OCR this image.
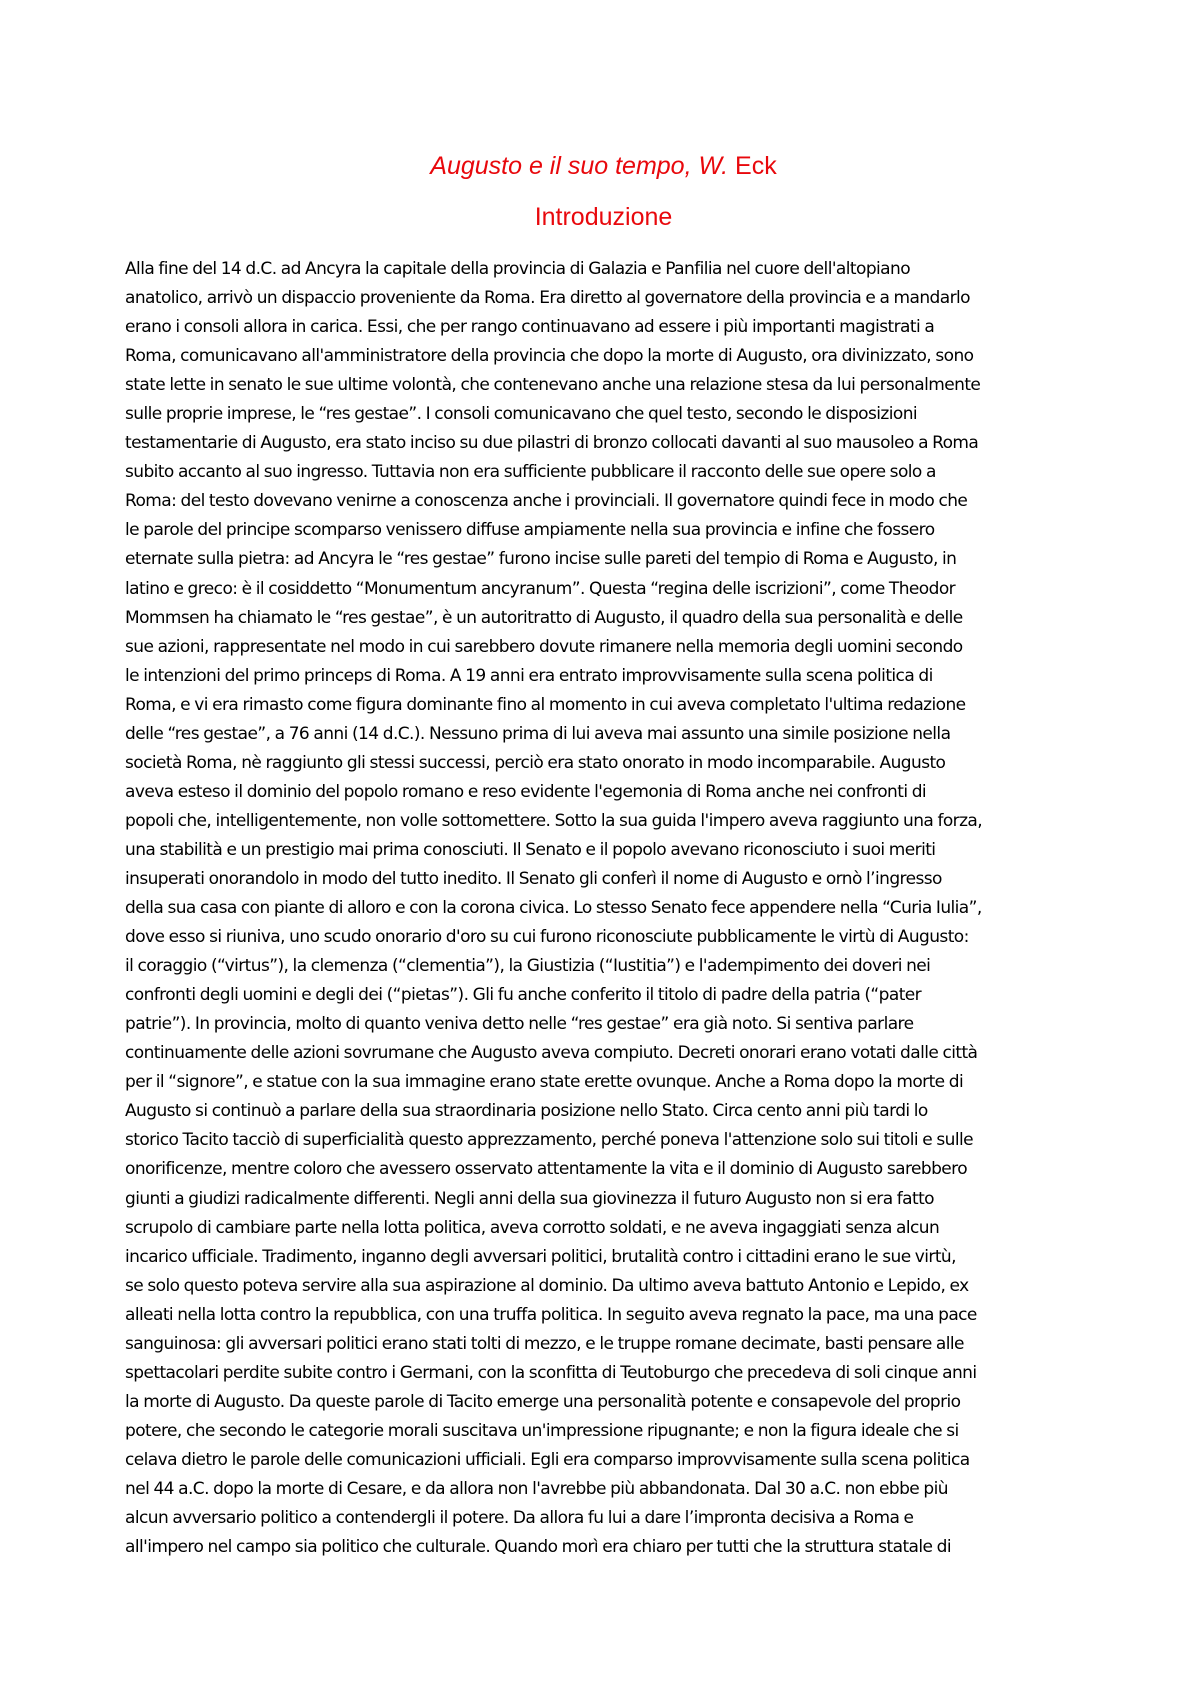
Augusto e il suo tempo, W. Eck
Introduzione
Alla fine del 14 d.C. ad Ancyra la capitale della provincia di Galazia e Panfilia nel cuore dell'altopiano
anatolico, arrivò un dispaccio proveniente da Roma. Era diretto al governatore della provincia e a mandarlo
erano i consoli allora in carica. Essi, che per rango continuavano ad essere i più importanti magistrati a
Roma, comunicavano all'amministratore della provincia che dopo la morte di Augusto, ora divinizzato, sono
state lette in senato le sue ultime volontà, che contenevano anche una relazione stesa da lui personalmente
sulle proprie imprese, le “res gestae”. I consoli comunicavano che quel testo, secondo le disposizioni
testamentarie di Augusto, era stato inciso su due pilastri di bronzo collocati davanti al suo mausoleo a Roma
subito accanto al suo ingresso. Tuttavia non era sufficiente pubblicare il racconto delle sue opere solo a
Roma: del testo dovevano venirne a conoscenza anche i provinciali. Il governatore quindi fece in modo che
le parole del principe scomparso venissero diffuse ampiamente nella sua provincia e infine che fossero
eternate sulla pietra: ad Ancyra le “res gestae” furono incise sulle pareti del tempio di Roma e Augusto, in
latino e greco: è il cosiddetto “Monumentum ancyranum”. Questa “regina delle iscrizioni”, come Theodor
Mommsen ha chiamato le “res gestae”, è un autoritratto di Augusto, il quadro della sua personalità e delle
sue azioni, rappresentate nel modo in cui sarebbero dovute rimanere nella memoria degli uomini secondo
le intenzioni del primo princeps di Roma. A 19 anni era entrato improvvisamente sulla scena politica di
Roma, e vi era rimasto come figura dominante fino al momento in cui aveva completato l'ultima redazione
delle “res gestae”, a 76 anni (14 d.C.). Nessuno prima di lui aveva mai assunto una simile posizione nella
società Roma, nè raggiunto gli stessi successi, perciò era stato onorato in modo incomparabile. Augusto
aveva esteso il dominio del popolo romano e reso evidente l'egemonia di Roma anche nei confronti di
popoli che, intelligentemente, non volle sottomettere. Sotto la sua guida l'impero aveva raggiunto una forza,
una stabilità e un prestigio mai prima conosciuti. Il Senato e il popolo avevano riconosciuto i suoi meriti
insuperati onorandolo in modo del tutto inedito. Il Senato gli conferì il nome di Augusto e ornò l’ingresso
della sua casa con piante di alloro e con la corona civica. Lo stesso Senato fece appendere nella “Curia Iulia”,
dove esso si riuniva, uno scudo onorario d'oro su cui furono riconosciute pubblicamente le virtù di Augusto:
il coraggio (“virtus”), la clemenza (“clementia”), la Giustizia (“Iustitia”) e l'adempimento dei doveri nei
confronti degli uomini e degli dei (“pietas”). Gli fu anche conferito il titolo di padre della patria (“pater
patrie”). In provincia, molto di quanto veniva detto nelle “res gestae” era già noto. Si sentiva parlare
continuamente delle azioni sovrumane che Augusto aveva compiuto. Decreti onorari erano votati dalle città
per il “signore”, e statue con la sua immagine erano state erette ovunque. Anche a Roma dopo la morte di
Augusto si continuò a parlare della sua straordinaria posizione nello Stato. Circa cento anni più tardi lo
storico Tacito tacciò di superficialità questo apprezzamento, perché poneva l'attenzione solo sui titoli e sulle
onorificenze, mentre coloro che avessero osservato attentamente la vita e il dominio di Augusto sarebbero
giunti a giudizi radicalmente differenti. Negli anni della sua giovinezza il futuro Augusto non si era fatto
scrupolo di cambiare parte nella lotta politica, aveva corrotto soldati, e ne aveva ingaggiati senza alcun
incarico ufficiale. Tradimento, inganno degli avversari politici, brutalità contro i cittadini erano le sue virtù,
se solo questo poteva servire alla sua aspirazione al dominio. Da ultimo aveva battuto Antonio e Lepido, ex
alleati nella lotta contro la repubblica, con una truffa politica. In seguito aveva regnato la pace, ma una pace
sanguinosa: gli avversari politici erano stati tolti di mezzo, e le truppe romane decimate, basti pensare alle
spettacolari perdite subite contro i Germani, con la sconfitta di Teutoburgo che precedeva di soli cinque anni
la morte di Augusto. Da queste parole di Tacito emerge una personalità potente e consapevole del proprio
potere, che secondo le categorie morali suscitava un'impressione ripugnante; e non la figura ideale che si
celava dietro le parole delle comunicazioni ufficiali. Egli era comparso improvvisamente sulla scena politica
nel 44 a.C. dopo la morte di Cesare, e da allora non l'avrebbe più abbandonata. Dal 30 a.C. non ebbe più
alcun avversario politico a contendergli il potere. Da allora fu lui a dare l’impronta decisiva a Roma e
all'impero nel campo sia politico che culturale. Quando morì era chiaro per tutti che la struttura statale di
